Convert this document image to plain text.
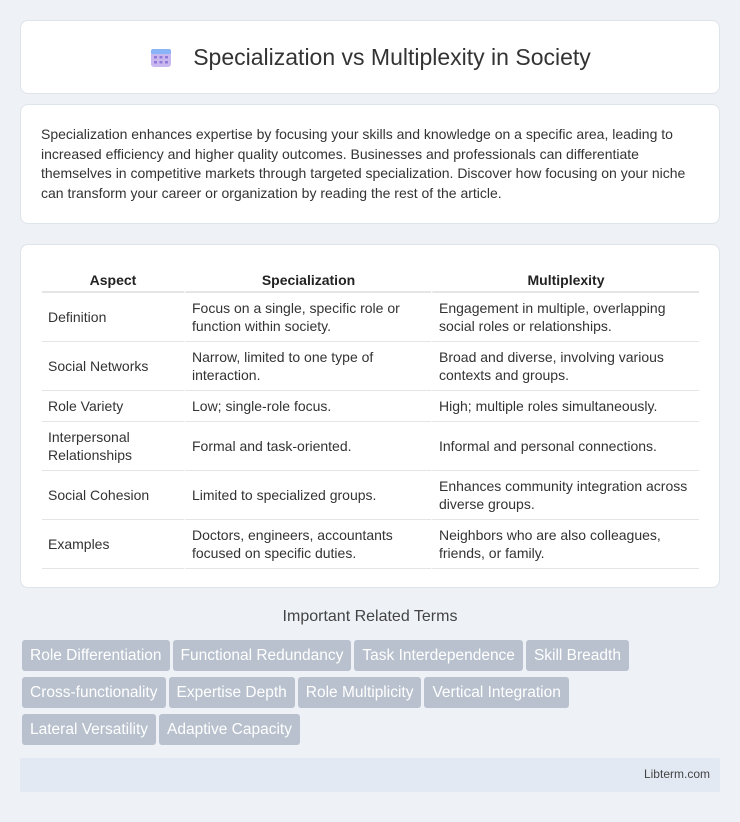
Specialization vs Multiplexity in Society

Specialization enhances expertise by focusing your skills and knowledge on a specific area, leading to increased efficiency and higher quality outcomes. Businesses and professionals can differentiate themselves in competitive markets through targeted specialization. Discover how focusing on your niche can transform your career or organization by reading the rest of the article.

Aspect	Specialization	Multiplexity
Definition	Focus on a single, specific role or function within society.	Engagement in multiple, overlapping social roles or relationships.
Social Networks	Narrow, limited to one type of interaction.	Broad and diverse, involving various contexts and groups.
Role Variety	Low; single-role focus.	High; multiple roles simultaneously.
Interpersonal Relationships	Formal and task-oriented.	Informal and personal connections.
Social Cohesion	Limited to specialized groups.	Enhances community integration across diverse groups.
Examples	Doctors, engineers, accountants focused on specific duties.	Neighbors who are also colleagues, friends, or family.
Important Related Terms
Role Differentiation Functional Redundancy Task Interdependence Skill Breadth
Cross-functionality Expertise Depth Role Multiplicity Vertical Integration
Lateral Versatility Adaptive Capacity
Libterm.com
